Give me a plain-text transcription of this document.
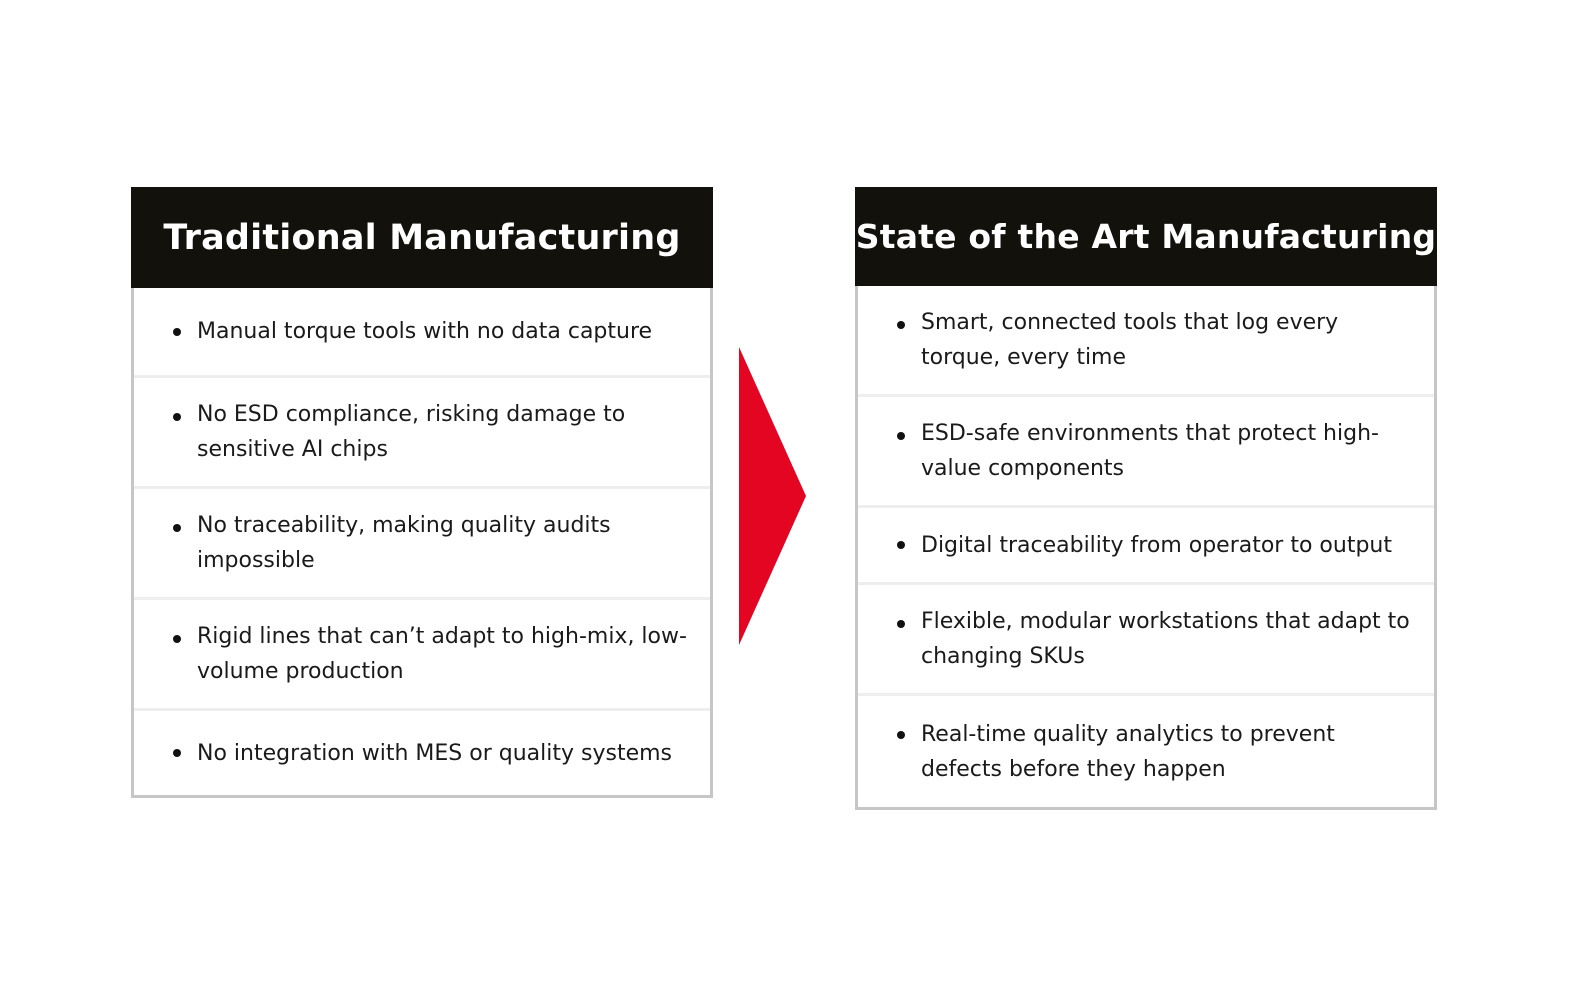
Traditional Manufacturing
Manual torque tools with no data capture
No ESD compliance, risking damage to sensitive AI chips
No traceability, making quality audits impossible
Rigid lines that can’t adapt to high-mix, low-volume production
No integration with MES or quality systems
State of the Art Manufacturing
Smart, connected tools that log every torque, every time
ESD-safe environments that protect high-value components
Digital traceability from operator to output
Flexible, modular workstations that adapt to changing SKUs
Real-time quality analytics to prevent defects before they happen
